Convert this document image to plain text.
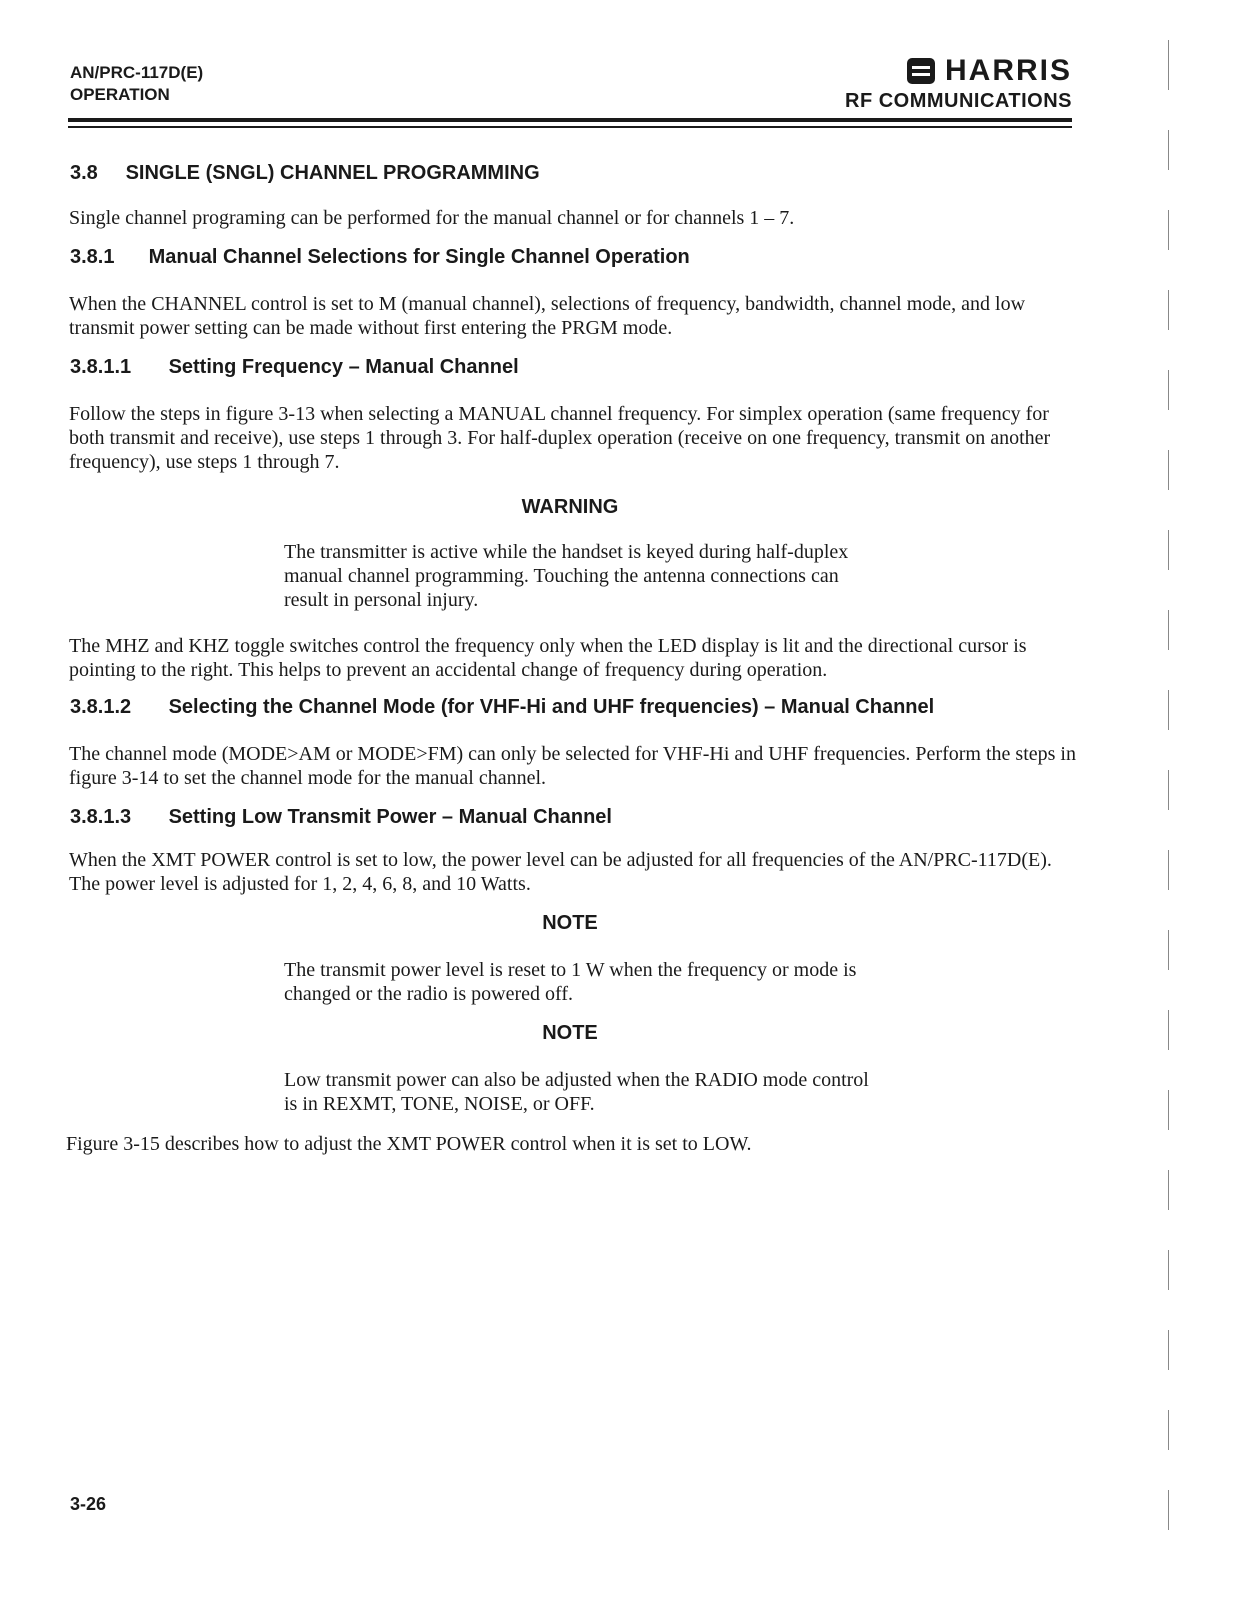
AN/PRC-117D(E)
OPERATION
HARRIS
RF COMMUNICATIONS
3.8 SINGLE (SNGL) CHANNEL PROGRAMMING
Single channel programing can be performed for the manual channel or for channels 1 – 7.
3.8.1 Manual Channel Selections for Single Channel Operation
When the CHANNEL control is set to M (manual channel), selections of frequency, bandwidth, channel mode, and low transmit power setting can be made without first entering the PRGM mode.
3.8.1.1 Setting Frequency – Manual Channel
Follow the steps in figure 3-13 when selecting a MANUAL channel frequency. For simplex operation (same frequency for both transmit and receive), use steps 1 through 3. For half-duplex operation (receive on one frequency, transmit on another frequency), use steps 1 through 7.
WARNING
The transmitter is active while the handset is keyed during half-duplex manual channel programming. Touching the antenna connections can result in personal injury.
The MHZ and KHZ toggle switches control the frequency only when the LED display is lit and the directional cursor is pointing to the right. This helps to prevent an accidental change of frequency during operation.
3.8.1.2 Selecting the Channel Mode (for VHF-Hi and UHF frequencies) – Manual Channel
The channel mode (MODE>AM or MODE>FM) can only be selected for VHF-Hi and UHF frequencies. Perform the steps in figure 3-14 to set the channel mode for the manual channel.
3.8.1.3 Setting Low Transmit Power – Manual Channel
When the XMT POWER control is set to low, the power level can be adjusted for all frequencies of the AN/PRC-117D(E). The power level is adjusted for 1, 2, 4, 6, 8, and 10 Watts.
NOTE
The transmit power level is reset to 1 W when the frequency or mode is changed or the radio is powered off.
NOTE
Low transmit power can also be adjusted when the RADIO mode control is in REXMT, TONE, NOISE, or OFF.
Figure 3-15 describes how to adjust the XMT POWER control when it is set to LOW.
3-26
